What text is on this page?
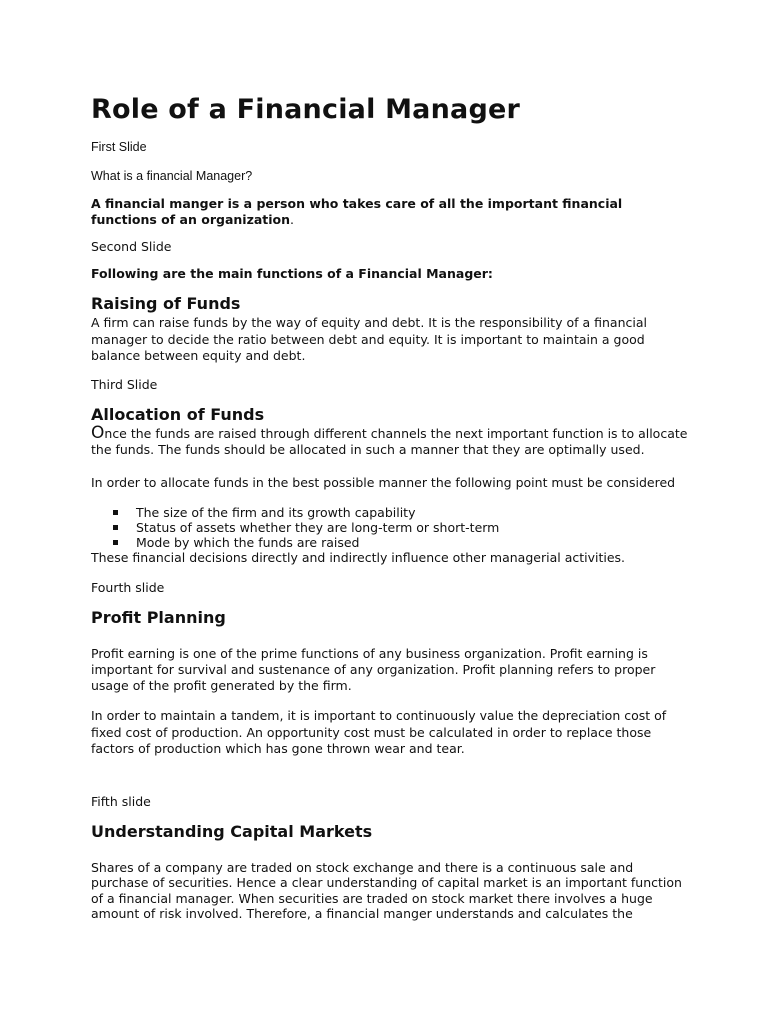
Role of a Financial Manager

First Slide

What is a financial Manager?

A financial manger is a person who takes care of all the important financial functions of an organization.

Second Slide

Following are the main functions of a Financial Manager:

Raising of Funds

A firm can raise funds by the way of equity and debt. It is the responsibility of a financial manager to decide the ratio between debt and equity. It is important to maintain a good balance between equity and debt.

Third Slide

Allocation of Funds

Once the funds are raised through different channels the next important function is to allocate the funds. The funds should be allocated in such a manner that they are optimally used.

In order to allocate funds in the best possible manner the following point must be considered

The size of the firm and its growth capability
Status of assets whether they are long-term or short-term
Mode by which the funds are raised

These financial decisions directly and indirectly influence other managerial activities.

Fourth slide

Profit Planning

Profit earning is one of the prime functions of any business organization. Profit earning is important for survival and sustenance of any organization. Profit planning refers to proper usage of the profit generated by the firm.

In order to maintain a tandem, it is important to continuously value the depreciation cost of fixed cost of production. An opportunity cost must be calculated in order to replace those factors of production which has gone thrown wear and tear.

Fifth slide

Understanding Capital Markets

Shares of a company are traded on stock exchange and there is a continuous sale and purchase of securities. Hence a clear understanding of capital market is an important function of a financial manager. When securities are traded on stock market there involves a huge amount of risk involved. Therefore, a financial manger understands and calculates the
